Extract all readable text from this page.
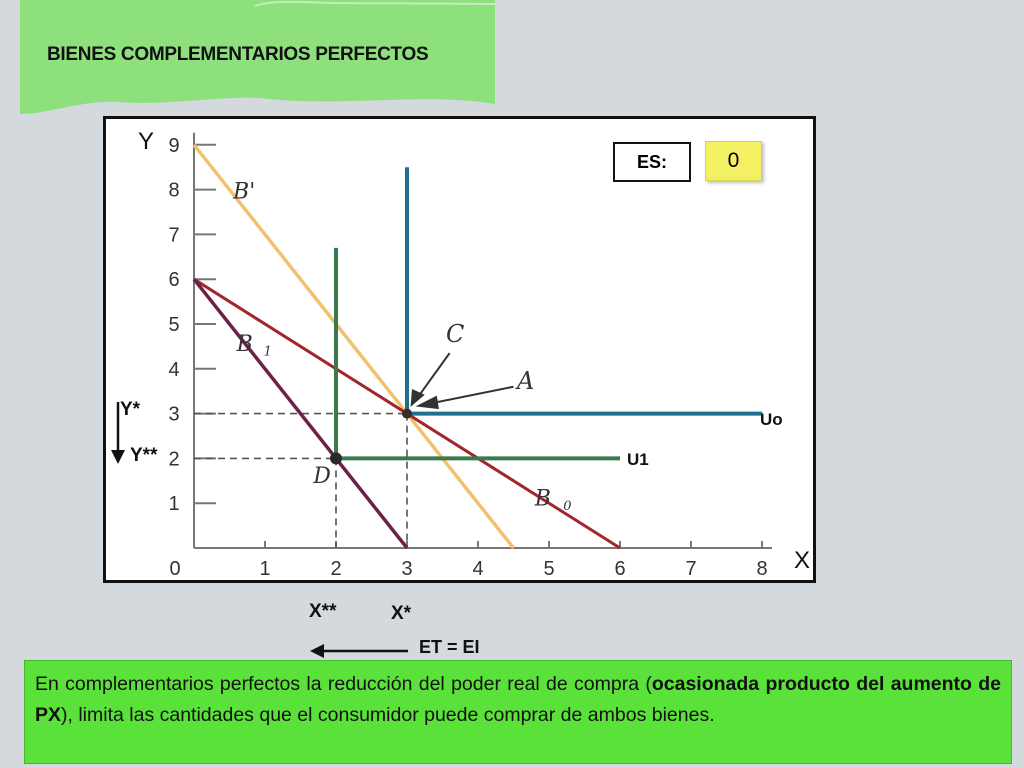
BIENES COMPLEMENTARIOS PERFECTOS
0	1	2	3	4	5	6	7	8
1
2
3
4
5
6
7
8
9
Y
X
B'
B 1
B 0
D
C
A
ES:	0
Y*
Y**
Uo
U1
X**	X*
ET = EI
En complementarios perfectos la reducción del poder real de compra (ocasionada producto del aumento de PX), limita las cantidades que el consumidor puede comprar de ambos bienes.
